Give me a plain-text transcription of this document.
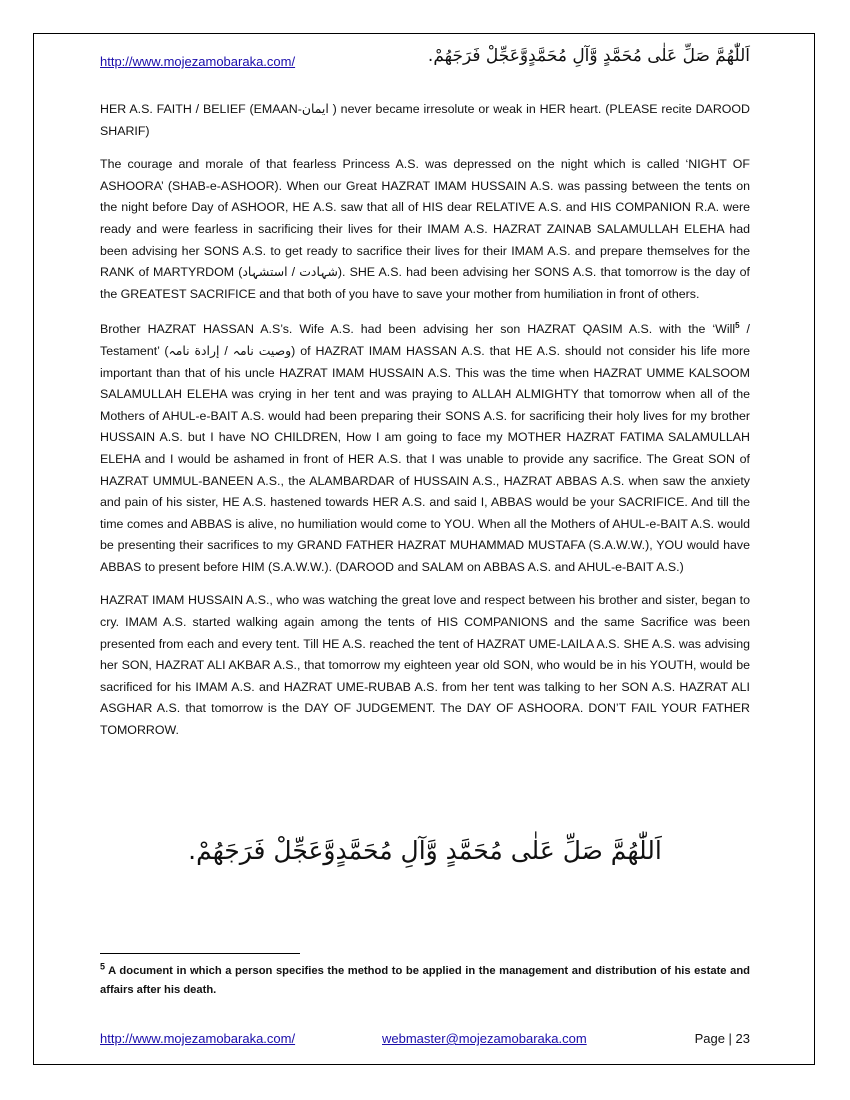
http://www.mojezamobaraka.com/	اَللّٰهُمَّ صَلِّ عَلٰى مُحَمَّدٍ وَّآلِ مُحَمَّدٍوَّعَجِّلْ فَرَجَهُمْ.

HER A.S. FAITH / BELIEF (EMAAN-ایمان ) never became irresolute or weak in HER heart. (PLEASE recite DAROOD SHARIF)

The courage and morale of that fearless Princess A.S. was depressed on the night which is called ‘NIGHT OF ASHOORA’ (SHAB-e-ASHOOR). When our Great HAZRAT IMAM HUSSAIN A.S. was passing between the tents on the night before Day of ASHOOR, HE A.S. saw that all of HIS dear RELATIVE A.S. and HIS COMPANION R.A. were ready and were fearless in sacrificing their lives for their IMAM A.S. HAZRAT ZAINAB SALAMULLAH ELEHA had been advising her SONS A.S. to get ready to sacrifice their lives for their IMAM A.S. and prepare themselves for the RANK of MARTYRDOM (شہادت / استشہاد). SHE A.S. had been advising her SONS A.S. that tomorrow is the day of the GREATEST SACRIFICE and that both of you have to save your mother from humiliation in front of others.

Brother HAZRAT HASSAN A.S’s. Wife A.S. had been advising her son HAZRAT QASIM A.S. with the ‘Will$^5$ / Testament’ (وصیت نامہ / إرادة نامہ) of HAZRAT IMAM HASSAN A.S. that HE A.S. should not consider his life more important than that of his uncle HAZRAT IMAM HUSSAIN A.S. This was the time when HAZRAT UMME KALSOOM SALAMULLAH ELEHA was crying in her tent and was praying to ALLAH ALMIGHTY that tomorrow when all of the Mothers of AHUL-e-BAIT A.S. would had been preparing their SONS A.S. for sacrificing their holy lives for my brother HUSSAIN A.S. but I have NO CHILDREN, How I am going to face my MOTHER HAZRAT FATIMA SALAMULLAH ELEHA and I would be ashamed in front of HER A.S. that I was unable to provide any sacrifice. The Great SON of HAZRAT UMMUL-BANEEN A.S., the ALAMBARDAR of HUSSAIN A.S., HAZRAT ABBAS A.S. when saw the anxiety and pain of his sister, HE A.S. hastened towards HER A.S. and said I, ABBAS would be your SACRIFICE. And till the time comes and ABBAS is alive, no humiliation would come to YOU. When all the Mothers of AHUL-e-BAIT A.S. would be presenting their sacrifices to my GRAND FATHER HAZRAT MUHAMMAD MUSTAFA (S.A.W.W.), YOU would have ABBAS to present before HIM (S.A.W.W.). (DAROOD and SALAM on ABBAS A.S. and AHUL-e-BAIT A.S.)

HAZRAT IMAM HUSSAIN A.S., who was watching the great love and respect between his brother and sister, began to cry. IMAM A.S. started walking again among the tents of HIS COMPANIONS and the same Sacrifice was been presented from each and every tent. Till HE A.S. reached the tent of HAZRAT UME-LAILA A.S. SHE A.S. was advising her SON, HAZRAT ALI AKBAR A.S., that tomorrow my eighteen year old SON, who would be in his YOUTH, would be sacrificed for his IMAM A.S. and HAZRAT UME-RUBAB A.S. from her tent was talking to her SON A.S. HAZRAT ALI ASGHAR A.S. that tomorrow is the DAY OF JUDGEMENT. The DAY OF ASHOORA. DON’T FAIL YOUR FATHER TOMORROW.

اَللّٰهُمَّ صَلِّ عَلٰى مُحَمَّدٍ وَّآلِ مُحَمَّدٍوَّعَجِّلْ فَرَجَهُمْ.
$^5$ A document in which a person specifies the method to be applied in the management and distribution of his estate and affairs after his death.
http://www.mojezamobaraka.com/	webmaster@mojezamobaraka.com	Page | 23
